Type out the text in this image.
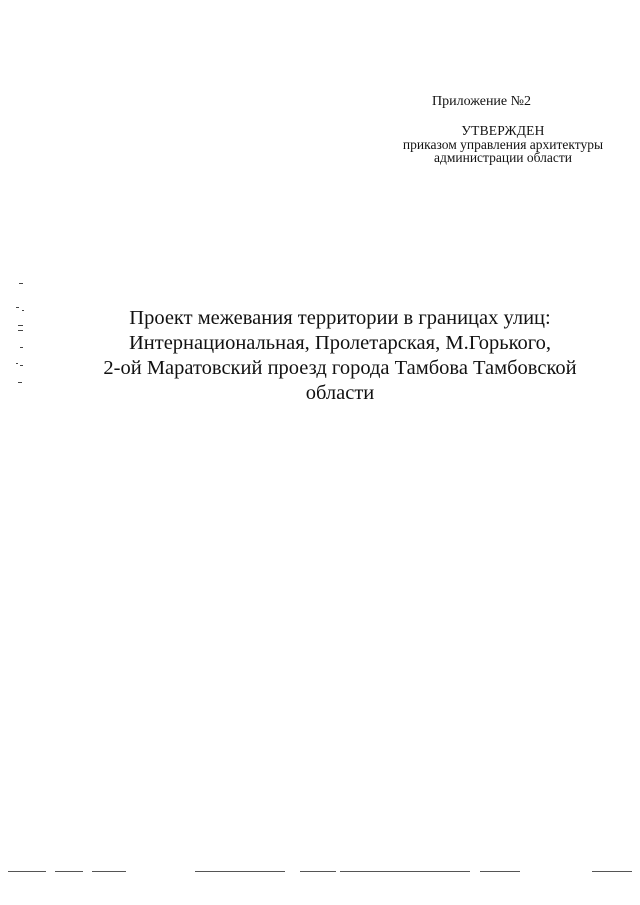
Приложение №2
УТВЕРЖДЕН
приказом управления архитектуры
администрации области
Проект межевания территории в границах улиц:
Интернациональная, Пролетарская, М.Горького,
2-ой Маратовский проезд города Тамбова Тамбовской
области
